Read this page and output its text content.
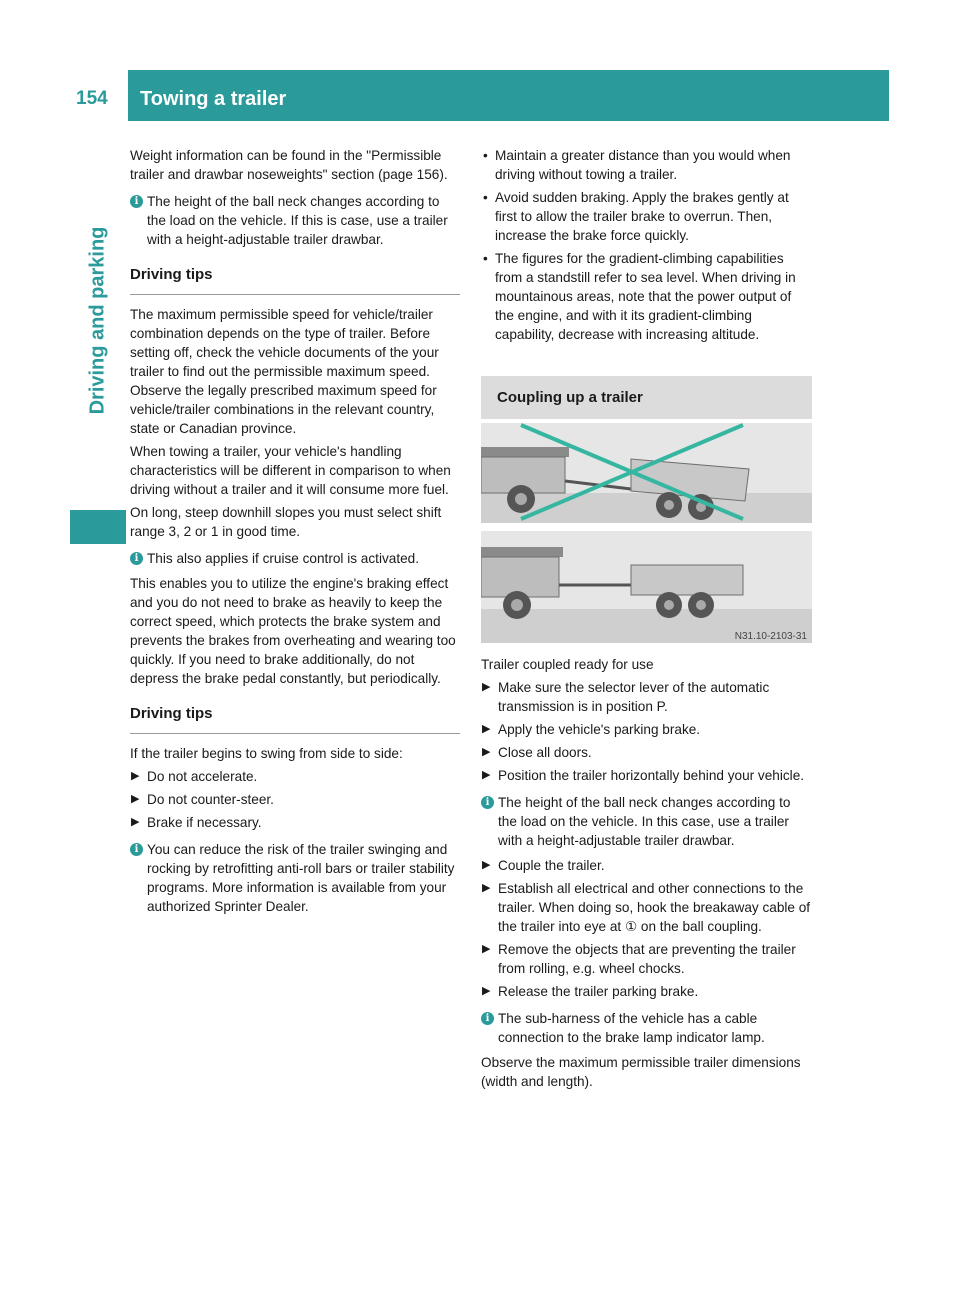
154	Towing a trailer
Driving and parking

Weight information can be found in the "Permissible trailer and drawbar noseweights" section (page 156).

i The height of the ball neck changes according to the load on the vehicle. If this is case, use a trailer with a height-adjustable trailer drawbar.
Driving tips

The maximum permissible speed for vehicle/trailer combination depends on the type of trailer. Before setting off, check the vehicle documents of the your trailer to find out the permissible maximum speed. Observe the legally prescribed maximum speed for vehicle/trailer combinations in the relevant country, state or Canadian province.

When towing a trailer, your vehicle's handling characteristics will be different in comparison to when driving without a trailer and it will consume more fuel.

On long, steep downhill slopes you must select shift range 3, 2 or 1 in good time.

i This also applies if cruise control is activated.

This enables you to utilize the engine's braking effect and you do not need to brake as heavily to keep the correct speed, which protects the brake system and prevents the brakes from overheating and wearing too quickly. If you need to brake additionally, do not depress the brake pedal constantly, but periodically.

Driving tips

If the trailer begins to swing from side to side:

▶ Do not accelerate.
▶ Do not counter-steer.
▶ Brake if necessary.
i You can reduce the risk of the trailer swinging and rocking by retrofitting anti-roll bars or trailer stability programs. More information is available from your authorized Sprinter Dealer.
• Maintain a greater distance than you would when driving without towing a trailer.
• Avoid sudden braking. Apply the brakes gently at first to allow the trailer brake to overrun. Then, increase the brake force quickly.
• The figures for the gradient-climbing capabilities from a standstill refer to sea level. When driving in mountainous areas, note that the power output of the engine, and with it its gradient-climbing capability, decrease with increasing altitude.
Coupling up a trailer
N31.10-2103-31

Trailer coupled ready for use

▶ Make sure the selector lever of the automatic transmission is in position P.
▶ Apply the vehicle's parking brake.
▶ Close all doors.
▶ Position the trailer horizontally behind your vehicle.
i The height of the ball neck changes according to the load on the vehicle. In this case, use a trailer with a height-adjustable trailer drawbar.
▶ Couple the trailer.
▶ Establish all electrical and other connections to the trailer. When doing so, hook the breakaway cable of the trailer into eye at ① on the ball coupling.
▶ Remove the objects that are preventing the trailer from rolling, e.g. wheel chocks.
▶ Release the trailer parking brake.
i The sub-harness of the vehicle has a cable connection to the brake lamp indicator lamp.

Observe the maximum permissible trailer dimensions (width and length).
